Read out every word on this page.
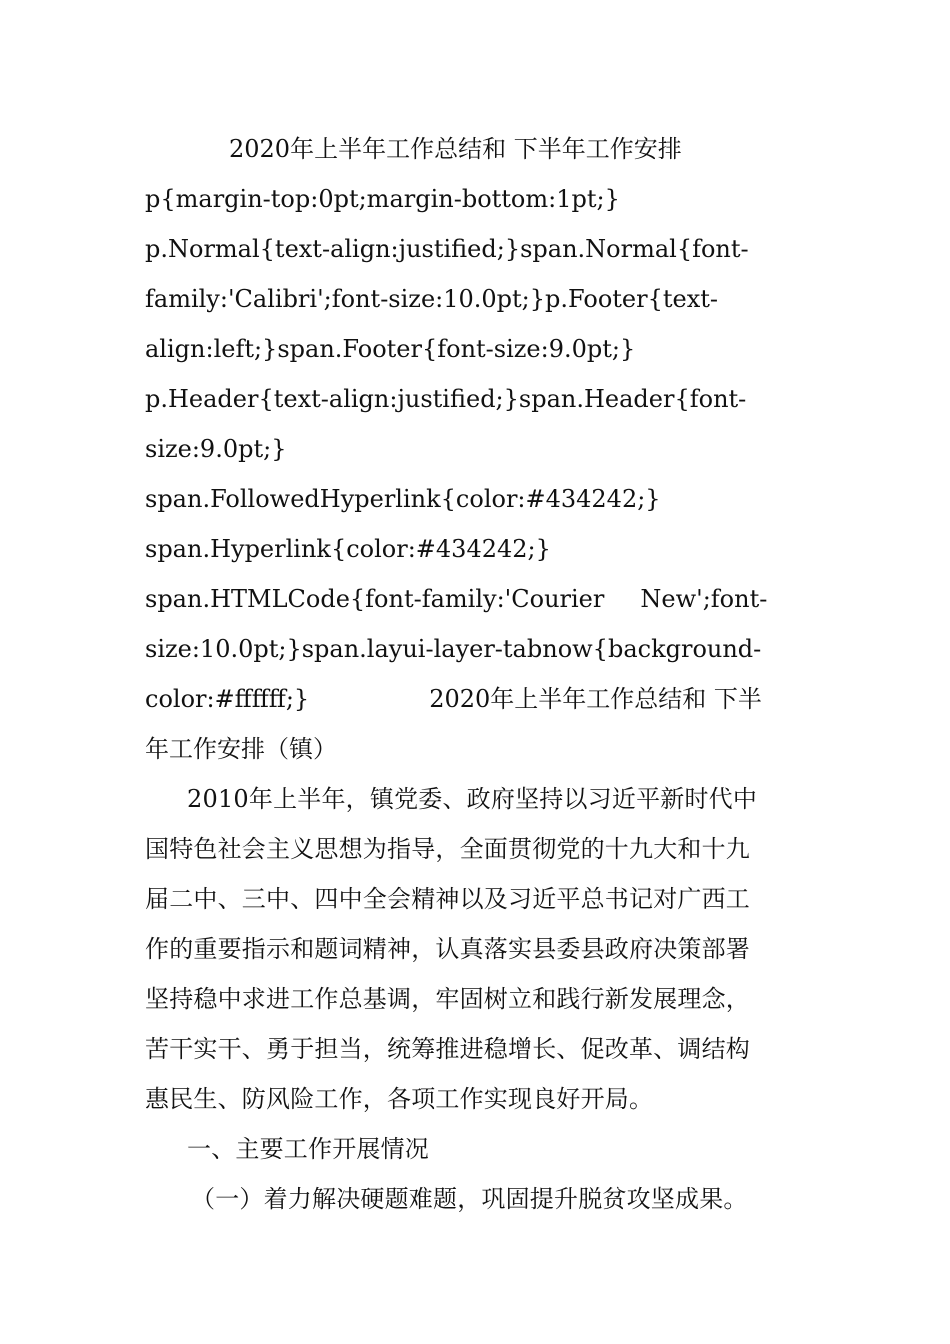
2020年上半年工作总结和 下半年工作安排

p{margin-top:0pt;margin-bottom:1pt;}

p.Normal{text-align:justified;}span.Normal{font-

family:'Calibri';font-size:10.0pt;}p.Footer{text-

align:left;}span.Footer{font-size:9.0pt;}

p.Header{text-align:justified;}span.Header{font-

size:9.0pt;}

span.FollowedHyperlink{color:#434242;}

span.Hyperlink{color:#434242;}

span.HTMLCode{font-family:'Courier New';font-

size:10.0pt;}span.layui-layer-tabnow{background-

color:#ffffff;}	2020年上半年工作总结和 下半

年工作安排（镇）

2010年上半年，镇党委、政府坚持以习近平新时代中

国特色社会主义思想为指导，全面贯彻党的十九大和十九

届二中、三中、四中全会精神以及习近平总书记对广西工

作的重要指示和题词精神，认真落实县委县政府决策部署

坚持稳中求进工作总基调，牢固树立和践行新发展理念，

苦干实干、勇于担当，统筹推进稳增长、促改革、调结构

惠民生、防风险工作，各项工作实现良好开局。

一、主要工作开展情况

（一）着力解决硬题难题，巩固提升脱贫攻坚成果。
